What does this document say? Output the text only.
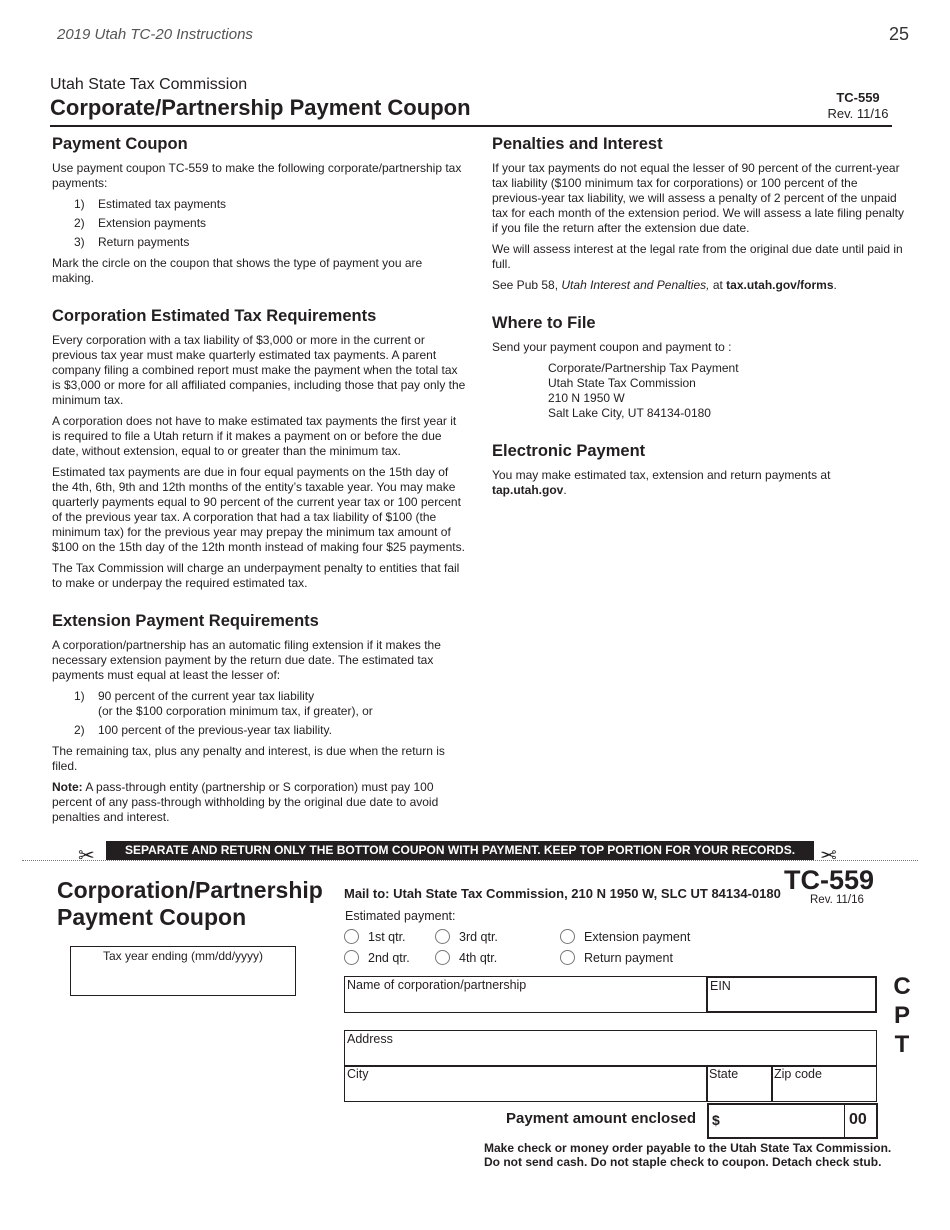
2019 Utah TC-20 Instructions	25
Utah State Tax Commission
Corporate/Partnership Payment Coupon	TC-559
Rev. 11/16
Payment Coupon

Use payment coupon TC-559 to make the following corporate/partnership tax payments:

1)	Estimated tax payments
2)	Extension payments
3)	Return payments

Mark the circle on the coupon that shows the type of payment you are making.

Corporation Estimated Tax Requirements

Every corporation with a tax liability of $3,000 or more in the current or previous tax year must make quarterly estimated tax payments. A parent company filing a combined report must make the payment when the total tax is $3,000 or more for all affiliated companies, including those that pay only the minimum tax.

A corporation does not have to make estimated tax payments the first year it is required to file a Utah return if it makes a payment on or before the due date, without extension, equal to or greater than the minimum tax.

Estimated tax payments are due in four equal payments on the 15th day of the 4th, 6th, 9th and 12th months of the entity’s taxable year. You may make quarterly payments equal to 90 percent of the current year tax or 100 percent of the previous year tax. A corporation that had a tax liability of $100 (the minimum tax) for the previous year may prepay the minimum tax amount of $100 on the 15th day of the 12th month instead of making four $25 payments.

The Tax Commission will charge an underpayment penalty to entities that fail to make or underpay the required estimated tax.

Extension Payment Requirements

A corporation/partnership has an automatic filing extension if it makes the necessary extension payment by the return due date. The estimated tax payments must equal at least the lesser of:

1)	90 percent of the current year tax liability
(or the $100 corporation minimum tax, if greater), or
2)	100 percent of the previous-year tax liability.

The remaining tax, plus any penalty and interest, is due when the return is filed.

Note: A pass-through entity (partnership or S corporation) must pay 100 percent of any pass-through withholding by the original due date to avoid penalties and interest.

Penalties and Interest

If your tax payments do not equal the lesser of 90 percent of the current-year tax liability ($100 minimum tax for corporations) or 100 percent of the previous-year tax liability, we will assess a penalty of 2 percent of the unpaid tax for each month of the extension period. We will assess a late filing penalty if you file the return after the extension due date.

We will assess interest at the legal rate from the original due date until paid in full.

See Pub 58, Utah Interest and Penalties, at tax.utah.gov/forms.

Where to File

Send your payment coupon and payment to :

Corporate/Partnership Tax Payment
Utah State Tax Commission
210 N 1950 W
Salt Lake City, UT 84134-0180
Electronic Payment

You may make estimated tax, extension and return payments at tap.utah.gov.

✂	SEPARATE AND RETURN ONLY THE BOTTOM COUPON WITH PAYMENT. KEEP TOP PORTION FOR YOUR RECORDS.	✂
Corporation/Partnership
Payment Coupon
Mail to: Utah State Tax Commission, 210 N 1950 W, SLC UT 84134-0180 TC-559
Rev. 11/16
Tax year ending (mm/dd/yyyy)
Estimated payment:
1st qtr.	3rd qtr.	Extension payment
2nd qtr.	4th qtr.	Return payment
Name of corporation/partnership	EIN
Address
City	State	Zip code
C
P
T
Payment amount enclosed $	00
Make check or money order payable to the Utah State Tax Commission.
Do not send cash. Do not staple check to coupon. Detach check stub.
